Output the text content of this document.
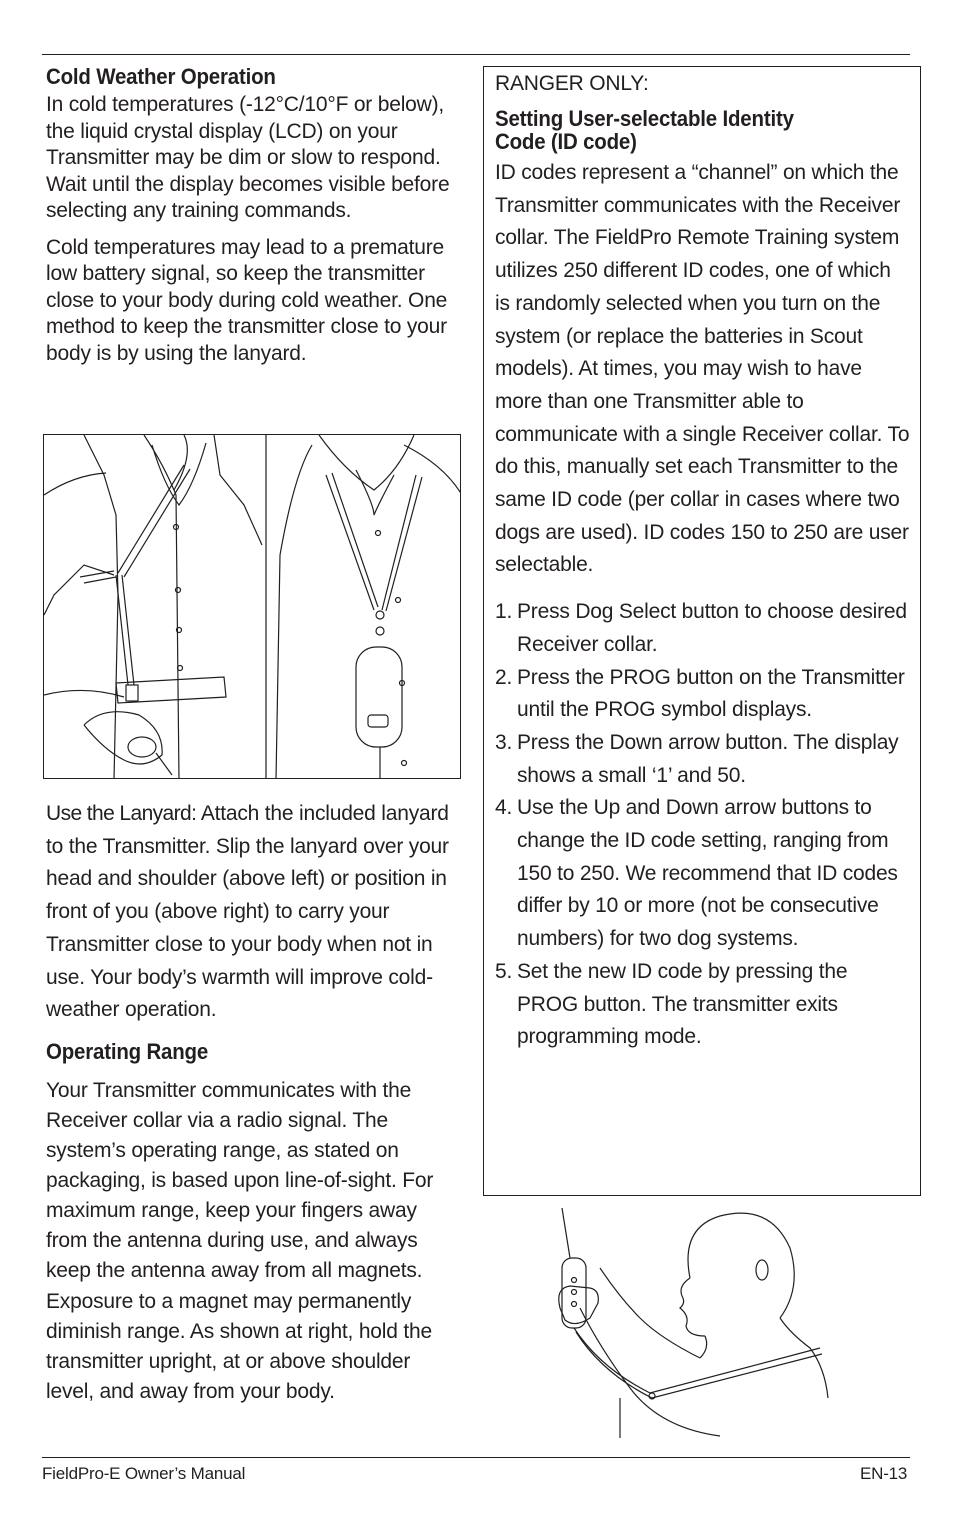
Cold Weather Operation

In cold temperatures (-12°C/10°F or below), the liquid crystal display (LCD) on your Transmitter may be dim or slow to respond. Wait until the display becomes visible before selecting any training commands.

Cold temperatures may lead to a premature low battery signal, so keep the transmitter close to your body during cold weather. One method to keep the transmitter close to your body is by using the lanyard.

Use the Lanyard: Attach the included lanyard to the Transmitter. Slip the lanyard over your head and shoulder (above left) or position in front of you (above right) to carry your Transmitter close to your body when not in use. Your body’s warmth will improve cold-weather operation.

Operating Range

Your Transmitter communicates with the Receiver collar via a radio signal. The system’s operating range, as stated on packaging, is based upon line-of-sight. For maximum range, keep your fingers away from the antenna during use, and always keep the antenna away from all magnets. Exposure to a magnet may permanently diminish range. As shown at right, hold the transmitter upright, at or above shoulder level, and away from your body.

RANGER ONLY:
Setting User-selectable Identity
Code (ID code)

ID codes represent a “channel” on which the Transmitter communicates with the Receiver collar. The FieldPro Remote Training system utilizes 250 different ID codes, one of which is randomly selected when you turn on the system (or replace the batteries in Scout models). At times, you may wish to have more than one Transmitter able to communicate with a single Receiver collar. To do this, manually set each Transmitter to the same ID code (per collar in cases where two dogs are used). ID codes 150 to 250 are user selectable.

1. Press Dog Select button to choose desired Receiver collar.
2. Press the PROG button on the Transmitter until the PROG symbol displays.
3. Press the Down arrow button. The display shows a small ‘1’ and 50.
4. Use the Up and Down arrow buttons to change the ID code setting, ranging from 150 to 250. We recommend that ID codes differ by 10 or more (not be consecutive numbers) for two dog systems.
5. Set the new ID code by pressing the PROG button. The transmitter exits programming mode.
FieldPro-E Owner’s Manual	EN-13
